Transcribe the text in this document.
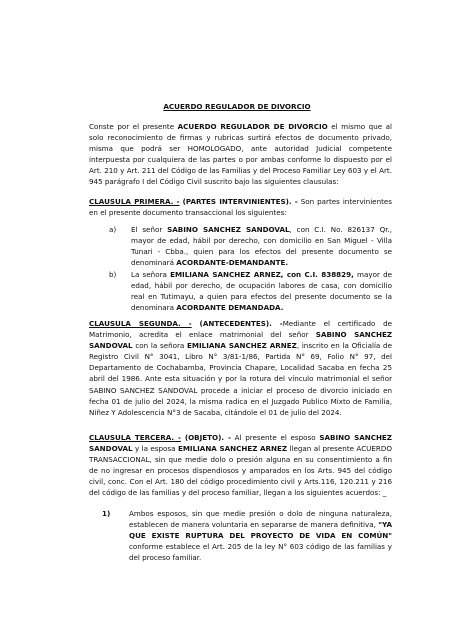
ACUERDO REGULADOR DE DIVORCIO

Conste por el presente ACUERDO REGULADOR DE DIVORCIO el mismo que al solo reconocimiento de firmas y rubricas surtirá efectos de documento privado, misma que podrá ser HOMOLOGADO, ante autoridad Judicial competente interpuesta por cualquiera de las partes o por ambas conforme lo dispuesto por el Art. 210 y Art. 211 del Código de las Familias y del Proceso Familiar Ley 603 y el Art. 945 parágrafo I del Código Civil suscrito bajo las siguientes clausulas:

CLAUSULA PRIMERA. - (PARTES INTERVINIENTES). - Son partes intervinientes en el presente documento transaccional los siguientes:

a) El señor SABINO SANCHEZ SANDOVAL, con C.I. No. 826137 Qr., mayor de edad, hábil por derecho, con domicilio en San Miguel - Villa Tunari - Cbba., quien para los efectos del presente documento se denominará ACORDANTE-DEMANDANTE.

b) La señora EMILIANA SANCHEZ ARNEZ, con C.I. 838829, mayor de edad, hábil por derecho, de ocupación labores de casa, con domicilio real en Tutimayu, a quien para efectos del presente documento se la denominara ACORDANTE DEMANDADA.

CLAUSULA SEGUNDA. - (ANTECEDENTES). -Mediante el certificado de Matrimonio, acredita el enlace matrimonial del señor SABINO SANCHEZ SANDOVAL con la señora EMILIANA SANCHEZ ARNEZ, inscrito en la Oficialía de Registro Civil N° 3041, Libro N° 3/81-1/86, Partida N° 69, Folio N° 97, del Departamento de Cochabamba, Provincia Chapare, Localidad Sacaba en fecha 25 abril del 1986. Ante esta situación y por la rotura del vínculo matrimonial el señor SABINO SANCHEZ SANDOVAL procede a iniciar el proceso de divorcio iniciado en fecha 01 de julio del 2024, la misma radica en el Juzgado Publico Mixto de Familia, Niñez Y Adolescencia N°3 de Sacaba, citándole el 01 de julio del 2024.

CLAUSULA TERCERA. - (OBJETO). - Al presente el esposo SABINO SANCHEZ SANDOVAL y la esposa EMILIANA SANCHEZ ARNEZ llegan al presente ACUERDO TRANSACCIONAL, sin que medie dolo o presión alguna en su consentimiento a fin de no ingresar en procesos dispendiosos y amparados en los Arts. 945 del código civil, conc. Con el Art. 180 del código procedimiento civil y Arts.116, 120.211 y 216 del código de las familias y del proceso familiar, llegan a los siguientes acuerdos: _

1)	Ambos esposos, sin que medie presión o dolo de ninguna naturaleza, establecen de manera voluntaria en separarse de manera definitiva, "YA QUE EXISTE RUPTURA DEL PROYECTO DE VIDA EN COMÚN" conforme establece el Art. 205 de la ley N° 603 código de las familias y del proceso familiar.
